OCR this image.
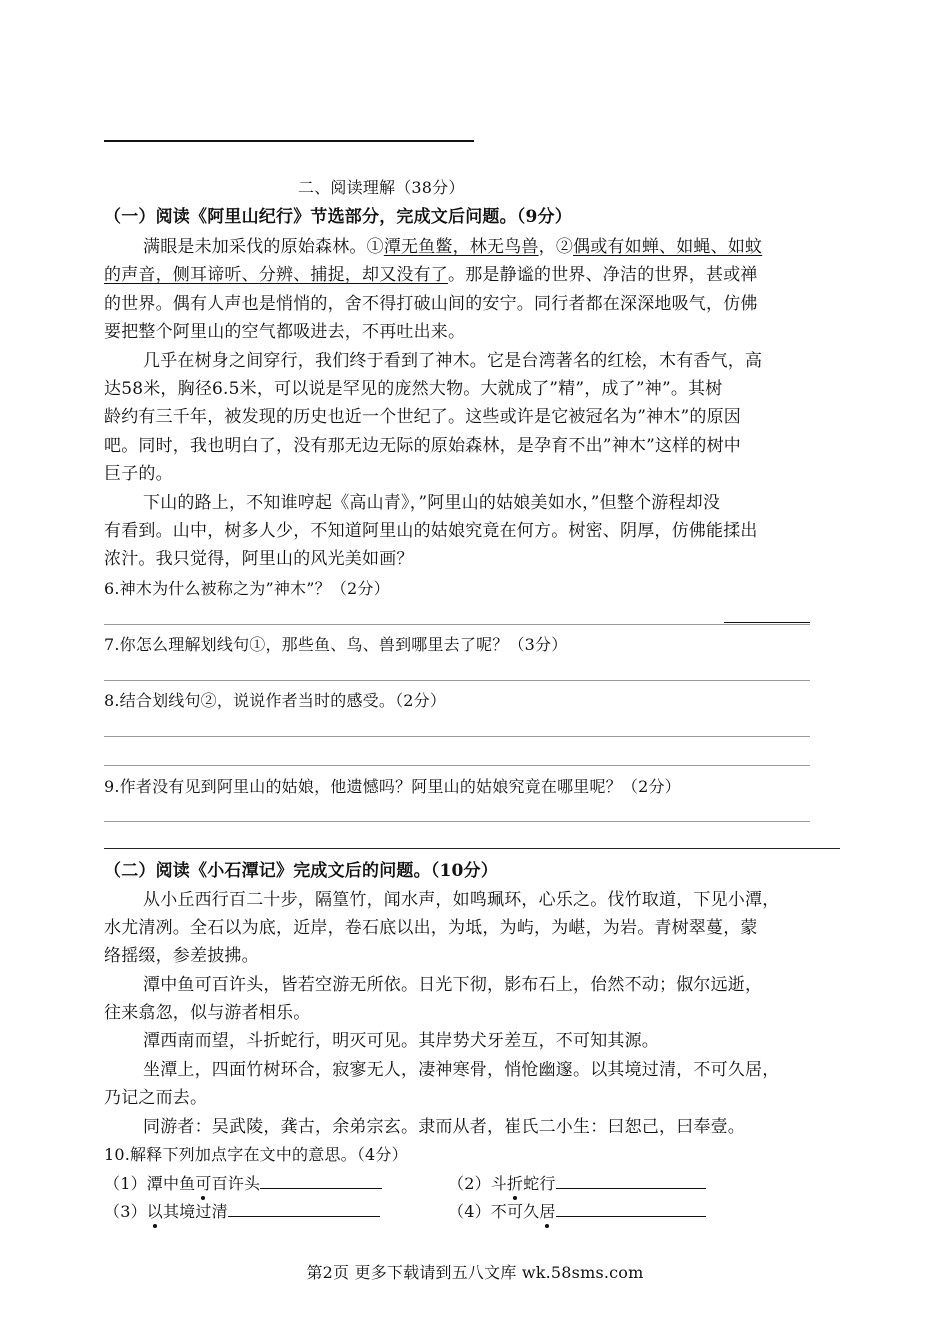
二、阅读理解（38分）
（一）阅读《阿里山纪行》节选部分，完成文后问题。（9分）
满眼是未加采伐的原始森林。①潭无鱼鳖，林无鸟兽，②偶或有如蝉、如蝇、如蚊
的声音，侧耳谛听、分辨、捕捉，却又没有了。那是静谧的世界、净洁的世界，甚或禅
的世界。偶有人声也是悄悄的，舍不得打破山间的安宁。同行者都在深深地吸气，仿佛
要把整个阿里山的空气都吸进去，不再吐出来。
几乎在树身之间穿行，我们终于看到了神木。它是台湾著名的红桧，木有香气，高
达58米，胸径6.5米，可以说是罕见的庞然大物。大就成了”精”，成了”神”。其树
龄约有三千年，被发现的历史也近一个世纪了。这些或许是它被冠名为”神木”的原因
吧。同时，我也明白了，没有那无边无际的原始森林，是孕育不出”神木”这样的树中
巨子的。
下山的路上，不知谁哼起《高山青》，”阿里山的姑娘美如水，”但整个游程却没
有看到。山中，树多人少，不知道阿里山的姑娘究竟在何方。树密、阴厚，仿佛能揉出
浓汁。我只觉得，阿里山的风光美如画？
6.神木为什么被称之为”神木”？（2分）
7.你怎么理解划线句①，那些鱼、鸟、兽到哪里去了呢？（3分）
8.结合划线句②，说说作者当时的感受。（2分）
9.作者没有见到阿里山的姑娘，他遗憾吗？阿里山的姑娘究竟在哪里呢？（2分）
（二）阅读《小石潭记》完成文后的问题。（10分）
从小丘西行百二十步，隔篁竹，闻水声，如鸣珮环，心乐之。伐竹取道，下见小潭，
水尤清冽。全石以为底，近岸，卷石底以出，为坻，为屿，为嵁，为岩。青树翠蔓，蒙
络摇缀，参差披拂。
潭中鱼可百许头，皆若空游无所依。日光下彻，影布石上，佁然不动；俶尔远逝，
往来翕忽，似与游者相乐。
潭西南而望，斗折蛇行，明灭可见。其岸势犬牙差互，不可知其源。
坐潭上，四面竹树环合，寂寥无人，凄神寒骨，悄怆幽邃。以其境过清，不可久居，
乃记之而去。
同游者：吴武陵，龚古，余弟宗玄。隶而从者，崔氏二小生：曰恕己，曰奉壹。
10.解释下列加点字在文中的意思。（4分）
（1）潭中鱼可百许头	（2）斗折蛇行
（3）以其境过清	（4）不可久居
第2页 更多下载请到五八文库 wk.58sms.com
